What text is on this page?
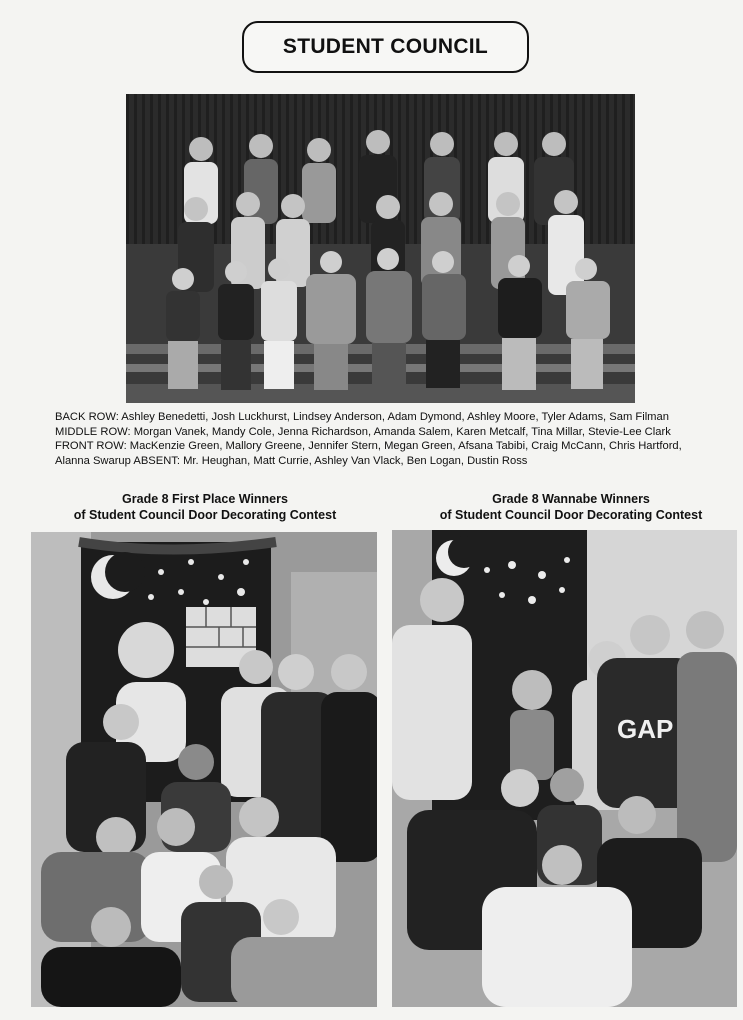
STUDENT COUNCIL

BACK ROW: Ashley Benedetti, Josh Luckhurst, Lindsey Anderson, Adam Dymond, Ashley Moore, Tyler Adams, Sam Filman

MIDDLE ROW: Morgan Vanek, Mandy Cole, Jenna Richardson, Amanda Salem, Karen Metcalf, Tina Millar, Stevie-Lee Clark

FRONT ROW: MacKenzie Green, Mallory Greene, Jennifer Stern, Megan Green, Afsana Tabibi, Craig McCann, Chris Hartford,

Alanna Swarup ABSENT: Mr. Heughan, Matt Currie, Ashley Van Vlack, Ben Logan, Dustin Ross

Grade 8 First Place Winners
of Student Council Door Decorating Contest
Grade 8 Wannabe Winners
of Student Council Door Decorating Contest
GAP
